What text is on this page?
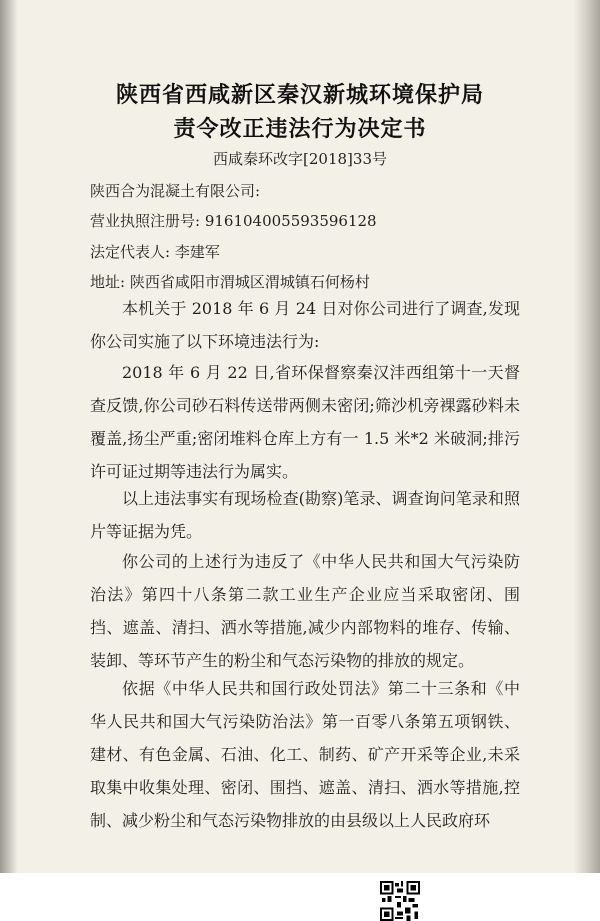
陕西省西咸新区秦汉新城环境保护局
责令改正违法行为决定书
西咸秦环改字[2018]33号
陕西合为混凝土有限公司:
营业执照注册号: 916104005593596128
法定代表人: 李建军
地址: 陕西省咸阳市渭城区渭城镇石何杨村

本机关于 2018 年 6 月 24 日对你公司进行了调查,发现你公司实施了以下环境违法行为:

2018 年 6 月 22 日,省环保督察秦汉沣西组第十一天督查反馈,你公司砂石料传送带两侧未密闭;筛沙机旁裸露砂料未覆盖,扬尘严重;密闭堆料仓库上方有一 1.5 米*2 米破洞;排污许可证过期等违法行为属实。

以上违法事实有现场检查(勘察)笔录、调查询问笔录和照片等证据为凭。

你公司的上述行为违反了《中华人民共和国大气污染防治法》第四十八条第二款工业生产企业应当采取密闭、围挡、遮盖、清扫、洒水等措施,减少内部物料的堆存、传输、装卸、等环节产生的粉尘和气态污染物的排放的规定。

依据《中华人民共和国行政处罚法》第二十三条和《中华人民共和国大气污染防治法》第一百零八条第五项钢铁、建材、有色金属、石油、化工、制药、矿产开采等企业,未采取集中收集处理、密闭、围挡、遮盖、清扫、洒水等措施,控制、减少粉尘和气态污染物排放的由县级以上人民政府环
